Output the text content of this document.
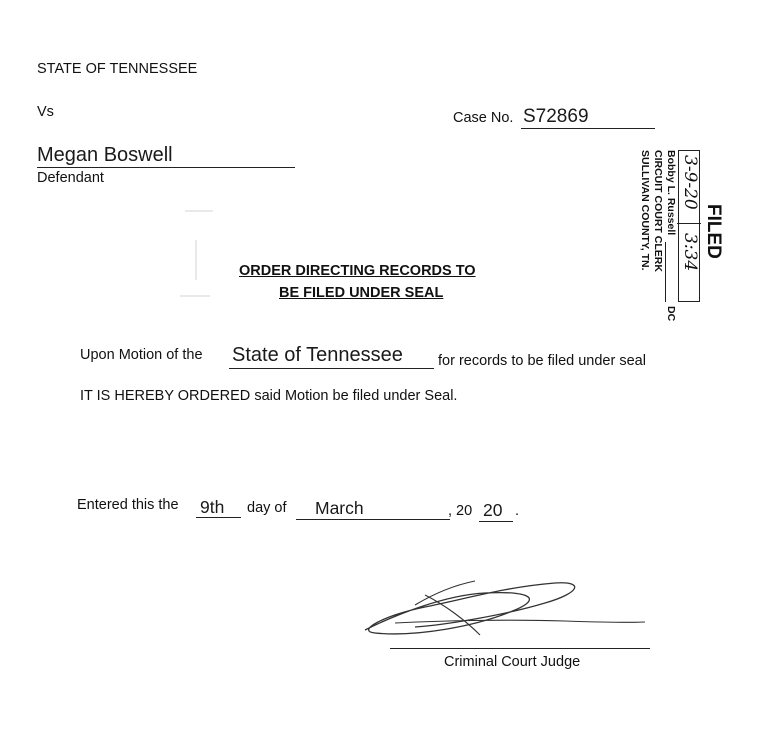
STATE OF TENNESSEE
Vs	Case No. S72869
Megan Boswell
Defendant
FILED
3-9-20
3:34
Bobby L. Russell
DC
CIRCUIT COURT CLERK
SULLIVAN COUNTY, TN.
ORDER DIRECTING RECORDS TO
BE FILED UNDER SEAL
Upon Motion of the State of Tennessee for records to be filed under seal
IT IS HEREBY ORDERED said Motion be filed under Seal.
Entered this the 9th day of March	, 20 20 .
Criminal Court Judge
